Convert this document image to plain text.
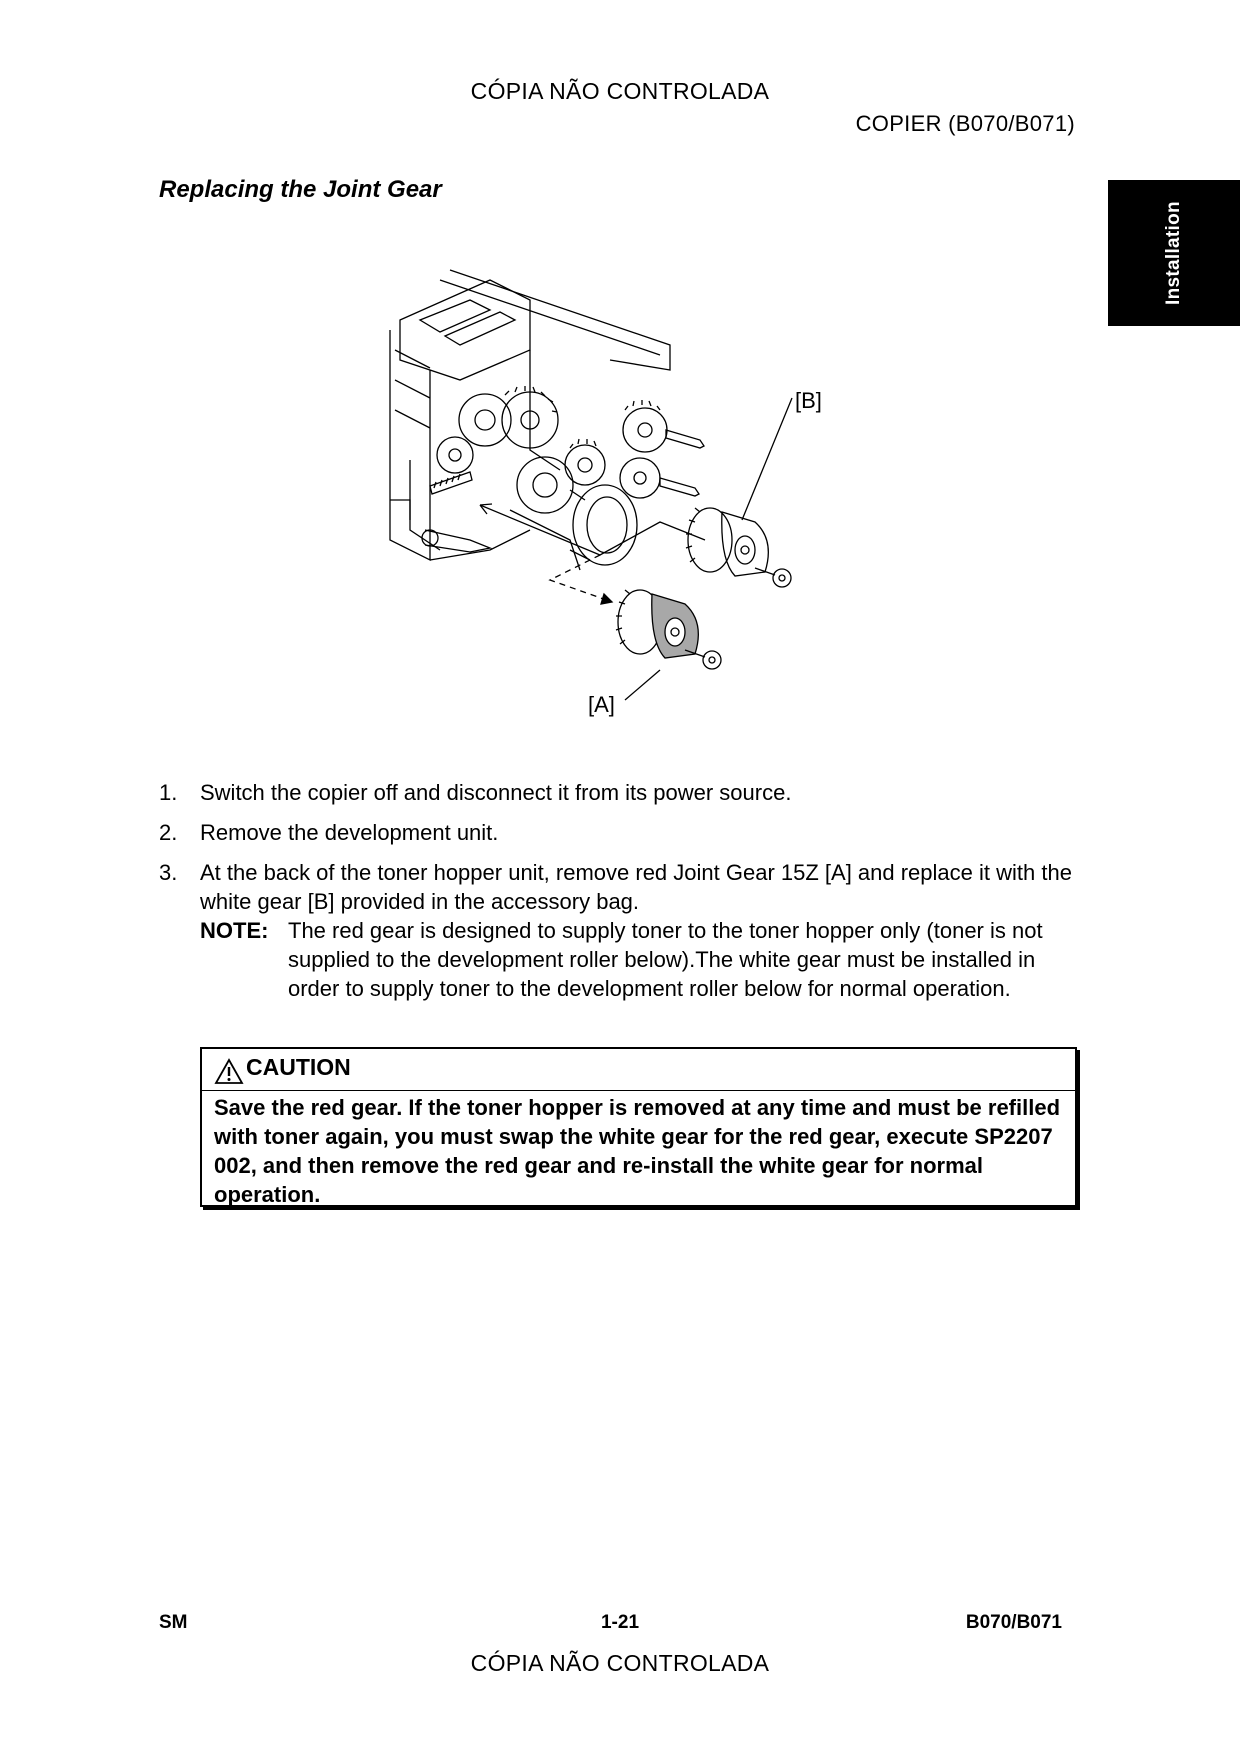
CÓPIA NÃO CONTROLADA
COPIER (B070/B071)
Installation
Replacing the Joint Gear
[B]
[A]
1. Switch the copier off and disconnect it from its power source.
2. Remove the development unit.
3. At the back of the toner hopper unit, remove red Joint Gear 15Z [A] and replace it with the white gear [B] provided in the accessory bag.
NOTE: The red gear is designed to supply toner to the toner hopper only (toner is not supplied to the development roller below).The white gear must be installed in order to supply toner to the development roller below for normal operation.
CAUTION
Save the red gear. If the toner hopper is removed at any time and must be refilled with toner again, you must swap the white gear for the red gear, execute SP2207 002, and then remove the red gear and re-install the white gear for normal operation.
SM	1-21	B070/B071
CÓPIA NÃO CONTROLADA
